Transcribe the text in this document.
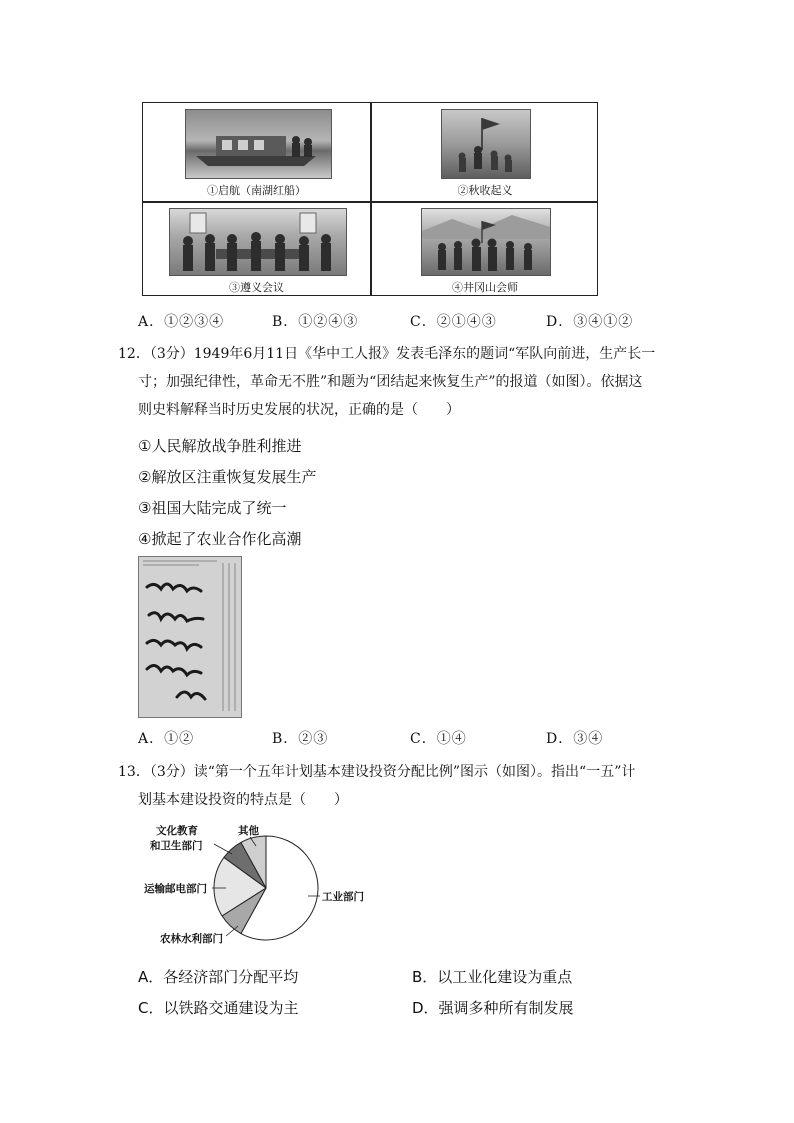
①启航（南湖红船）	②秋收起义
③遵义会议	④井冈山会师
A．①②③④	B．①②④③	C．②①④③	D．③④①②
12．（3分）1949年6月11日《华中工人报》发表毛泽东的题词“军队向前进，生产长一
寸；加强纪律性，革命无不胜”和题为“团结起来恢复生产”的报道（如图）。依据这
则史料解释当时历史发展的状况，正确的是（　　）
①人民解放战争胜利推进
②解放区注重恢复发展生产
③祖国大陆完成了统一
④掀起了农业合作化高潮
A．①②	B．②③	C．①④	D．③④
13．（3分）读“第一个五年计划基本建设投资分配比例”图示（如图）。指出“一五”计
划基本建设投资的特点是（　　）
文化教育
和卫生部门
其他
运输邮电部门
工业部门
农林水利部门
A．各经济部门分配平均	B．以工业化建设为重点
C．以铁路交通建设为主	D．强调多种所有制发展
